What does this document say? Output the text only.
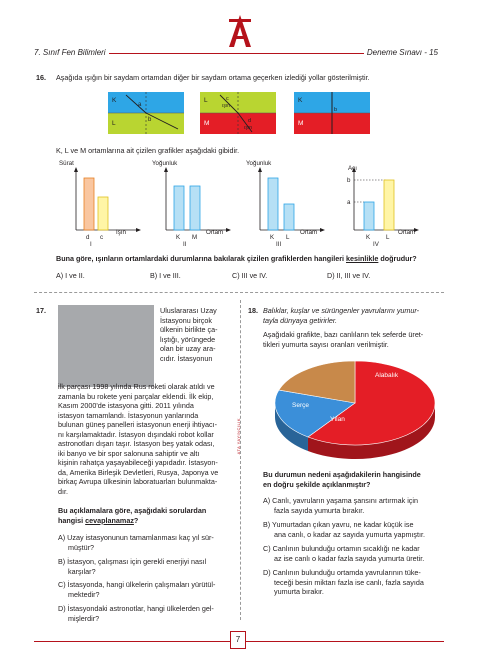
7. Sınıf Fen Bilimleri	Deneme Sınavı - 15
16. Aşağıda ışığın bir saydam ortamdan diğer bir saydam ortama geçerken izlediği yollar gösterilmiştir.
K
L
a
b
L
M
c
ışın
d
ışın
K
M
b
K, L ve M ortamlarına ait çizilen grafikler aşağıdaki gibidir.
Sürat
Işın
d c
I
Yoğunluk
Ortam
K M
II
Yoğunluk
Ortam
K L
III
Açı
b
a
Ortam
K	L
IV
Buna göre, ışınların ortamlardaki durumlarına bakılarak çizilen grafiklerden hangileri kesinlikle doğrudur?
A) I ve II.	B) I ve III.	C) III ve IV.	D) II, III ve IV.
ATA YAYINCILIK
17.	Uluslararası Uzay
İstasyonu birçok
ülkenin birlikte ça-
lıştığı, yörüngede
olan bir uzay ara-
cıdır. İstasyonun
ilk parçası 1998 yılında Rus roketi olarak atıldı ve
zamanla bu rokete yeni parçalar eklendi. İlk ekip,
Kasım 2000'de istasyona gitti. 2011 yılında
istasyon tamamlandı. İstasyonun yanlarında
bulunan güneş panelleri istasyonun enerji ihtiyacı-
nı karşılamaktadır. İstasyon dışındaki robot kollar
astronotları dışarı taşır. İstasyon beş yatak odası,
iki banyo ve bir spor salonuna sahiptir ve altı
kişinin rahatça yaşayabileceği yapıdadır. İstasyon-
da, Amerika Birleşik Devletleri, Rusya, Japonya ve
birkaç Avrupa ülkesinin laboratuarları bulunmakta-
dır.
Bu açıklamalara göre, aşağıdaki sorulardan
hangisi cevaplanamaz?
A) Uzay istasyonunun tamamlanması kaç yıl sür-
müştür?
B) İstasyon, çalışması için gerekli enerjiyi nasıl
karşılar?
C) İstasyonda, hangi ülkelerin çalışmaları yürütül-
mektedir?
D) İstasyondaki astronotlar, hangi ülkelerden gel-
mişlerdir?
18. Balıklar, kuşlar ve sürüngenler yavrularını yumur-
tayla dünyaya getirirler.
Aşağıdaki grafikte, bazı canlıların tek seferde üret-
tikleri yumurta sayısı oranları verilmiştir.
Alabalık
Serçe
Yılan
Bu durumun nedeni aşağıdakilerin hangisinde
en doğru şekilde açıklanmıştır?
A) Canlı, yavruların yaşama şansını artırmak için
fazla sayıda yumurta bırakır.
B) Yumurtadan çıkan yavru, ne kadar küçük ise
ana canlı, o kadar az sayıda yumurta yapmıştır.
C) Canlının bulunduğu ortamın sıcaklığı ne kadar
az ise canlı o kadar fazla sayıda yumurta üretir.
D) Canlının bulunduğu ortamda yavrularının tüke-
teceği besin miktarı fazla ise canlı, fazla sayıda
yumurta bırakır.
7
